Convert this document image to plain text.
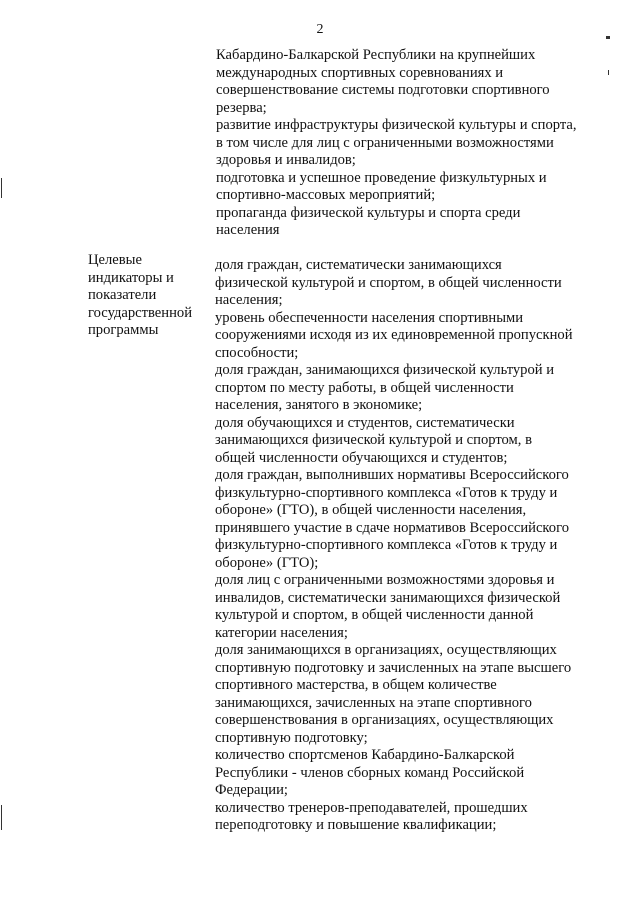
2
Кабардино-Балкарской Республики на крупнейших
международных спортивных соревнованиях и
совершенствование системы подготовки спортивного
резерва;
развитие инфраструктуры физической культуры и спорта,
в том числе для лиц с ограниченными возможностями
здоровья и инвалидов;
подготовка и успешное проведение физкультурных и
спортивно-массовых мероприятий;
пропаганда физической культуры и спорта среди
населения
Целевые
индикаторы и
показатели
государственной
программы
доля граждан, систематически занимающихся
физической культурой и спортом, в общей численности
населения;
уровень обеспеченности населения спортивными
сооружениями исходя из их единовременной пропускной
способности;
доля граждан, занимающихся физической культурой и
спортом по месту работы, в общей численности
населения, занятого в экономике;
доля обучающихся и студентов, систематически
занимающихся физической культурой и спортом, в
общей численности обучающихся и студентов;
доля граждан, выполнивших нормативы Всероссийского
физкультурно-спортивного комплекса «Готов к труду и
обороне» (ГТО), в общей численности населения,
принявшего участие в сдаче нормативов Всероссийского
физкультурно-спортивного комплекса «Готов к труду и
обороне» (ГТО);
доля лиц с ограниченными возможностями здоровья и
инвалидов, систематически занимающихся физической
культурой и спортом, в общей численности данной
категории населения;
доля занимающихся в организациях, осуществляющих
спортивную подготовку и зачисленных на этапе высшего
спортивного мастерства, в общем количестве
занимающихся, зачисленных на этапе спортивного
совершенствования в организациях, осуществляющих
спортивную подготовку;
количество спортсменов Кабардино-Балкарской
Республики - членов сборных команд Российской
Федерации;
количество тренеров-преподавателей, прошедших
переподготовку и повышение квалификации;
